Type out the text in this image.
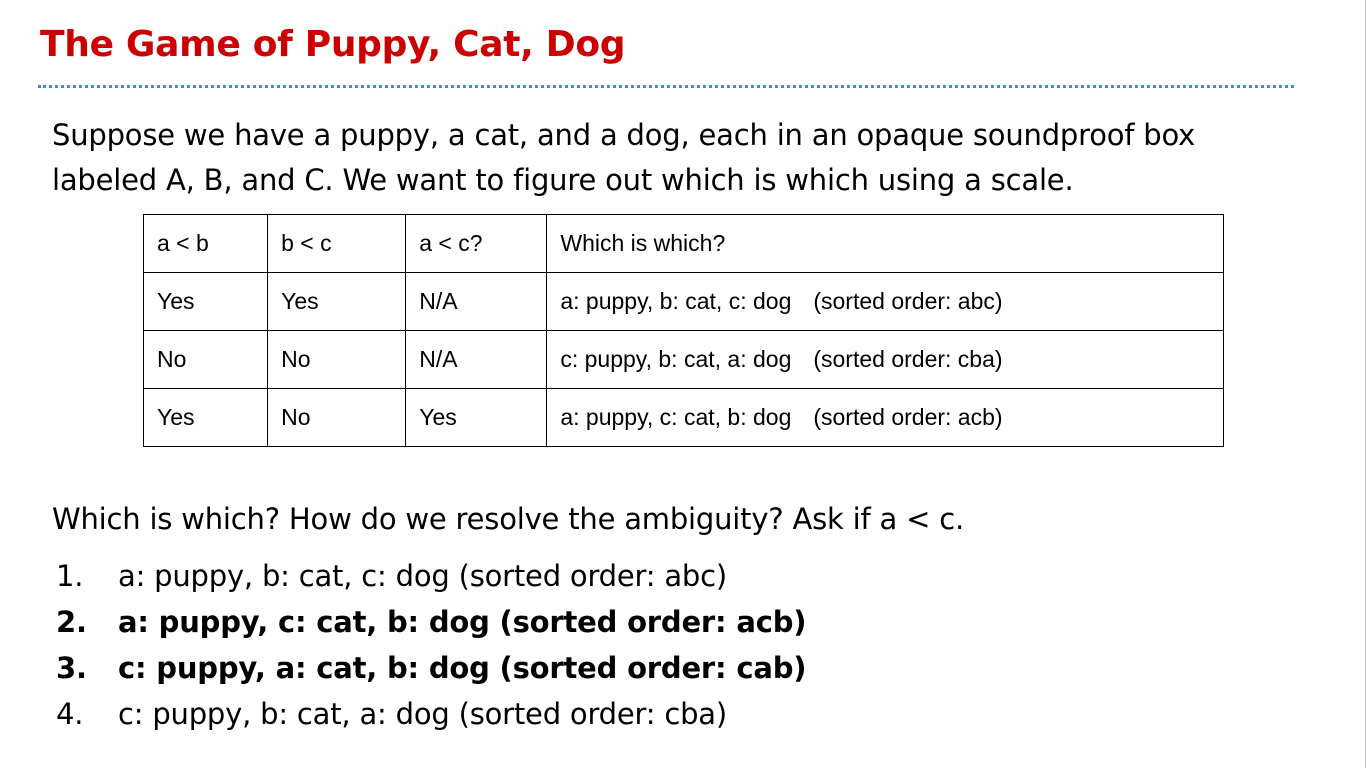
The Game of Puppy, Cat, Dog

Suppose we have a puppy, a cat, and a dog, each in an opaque soundproof box
labeled A, B, and C. We want to figure out which is which using a scale.

a < b	b < c	a < c?	Which is which?
Yes	Yes	N/A	a: puppy, b: cat, c: dog (sorted order: abc)
No	No	N/A	c: puppy, b: cat, a: dog (sorted order: cba)
Yes	No	Yes	a: puppy, c: cat, b: dog (sorted order: acb)

Which is which? How do we resolve the ambiguity? Ask if a < c.

1. a: puppy, b: cat, c: dog (sorted order: abc)
2. a: puppy, c: cat, b: dog (sorted order: acb)
3. c: puppy, a: cat, b: dog (sorted order: cab)
4. c: puppy, b: cat, a: dog (sorted order: cba)
